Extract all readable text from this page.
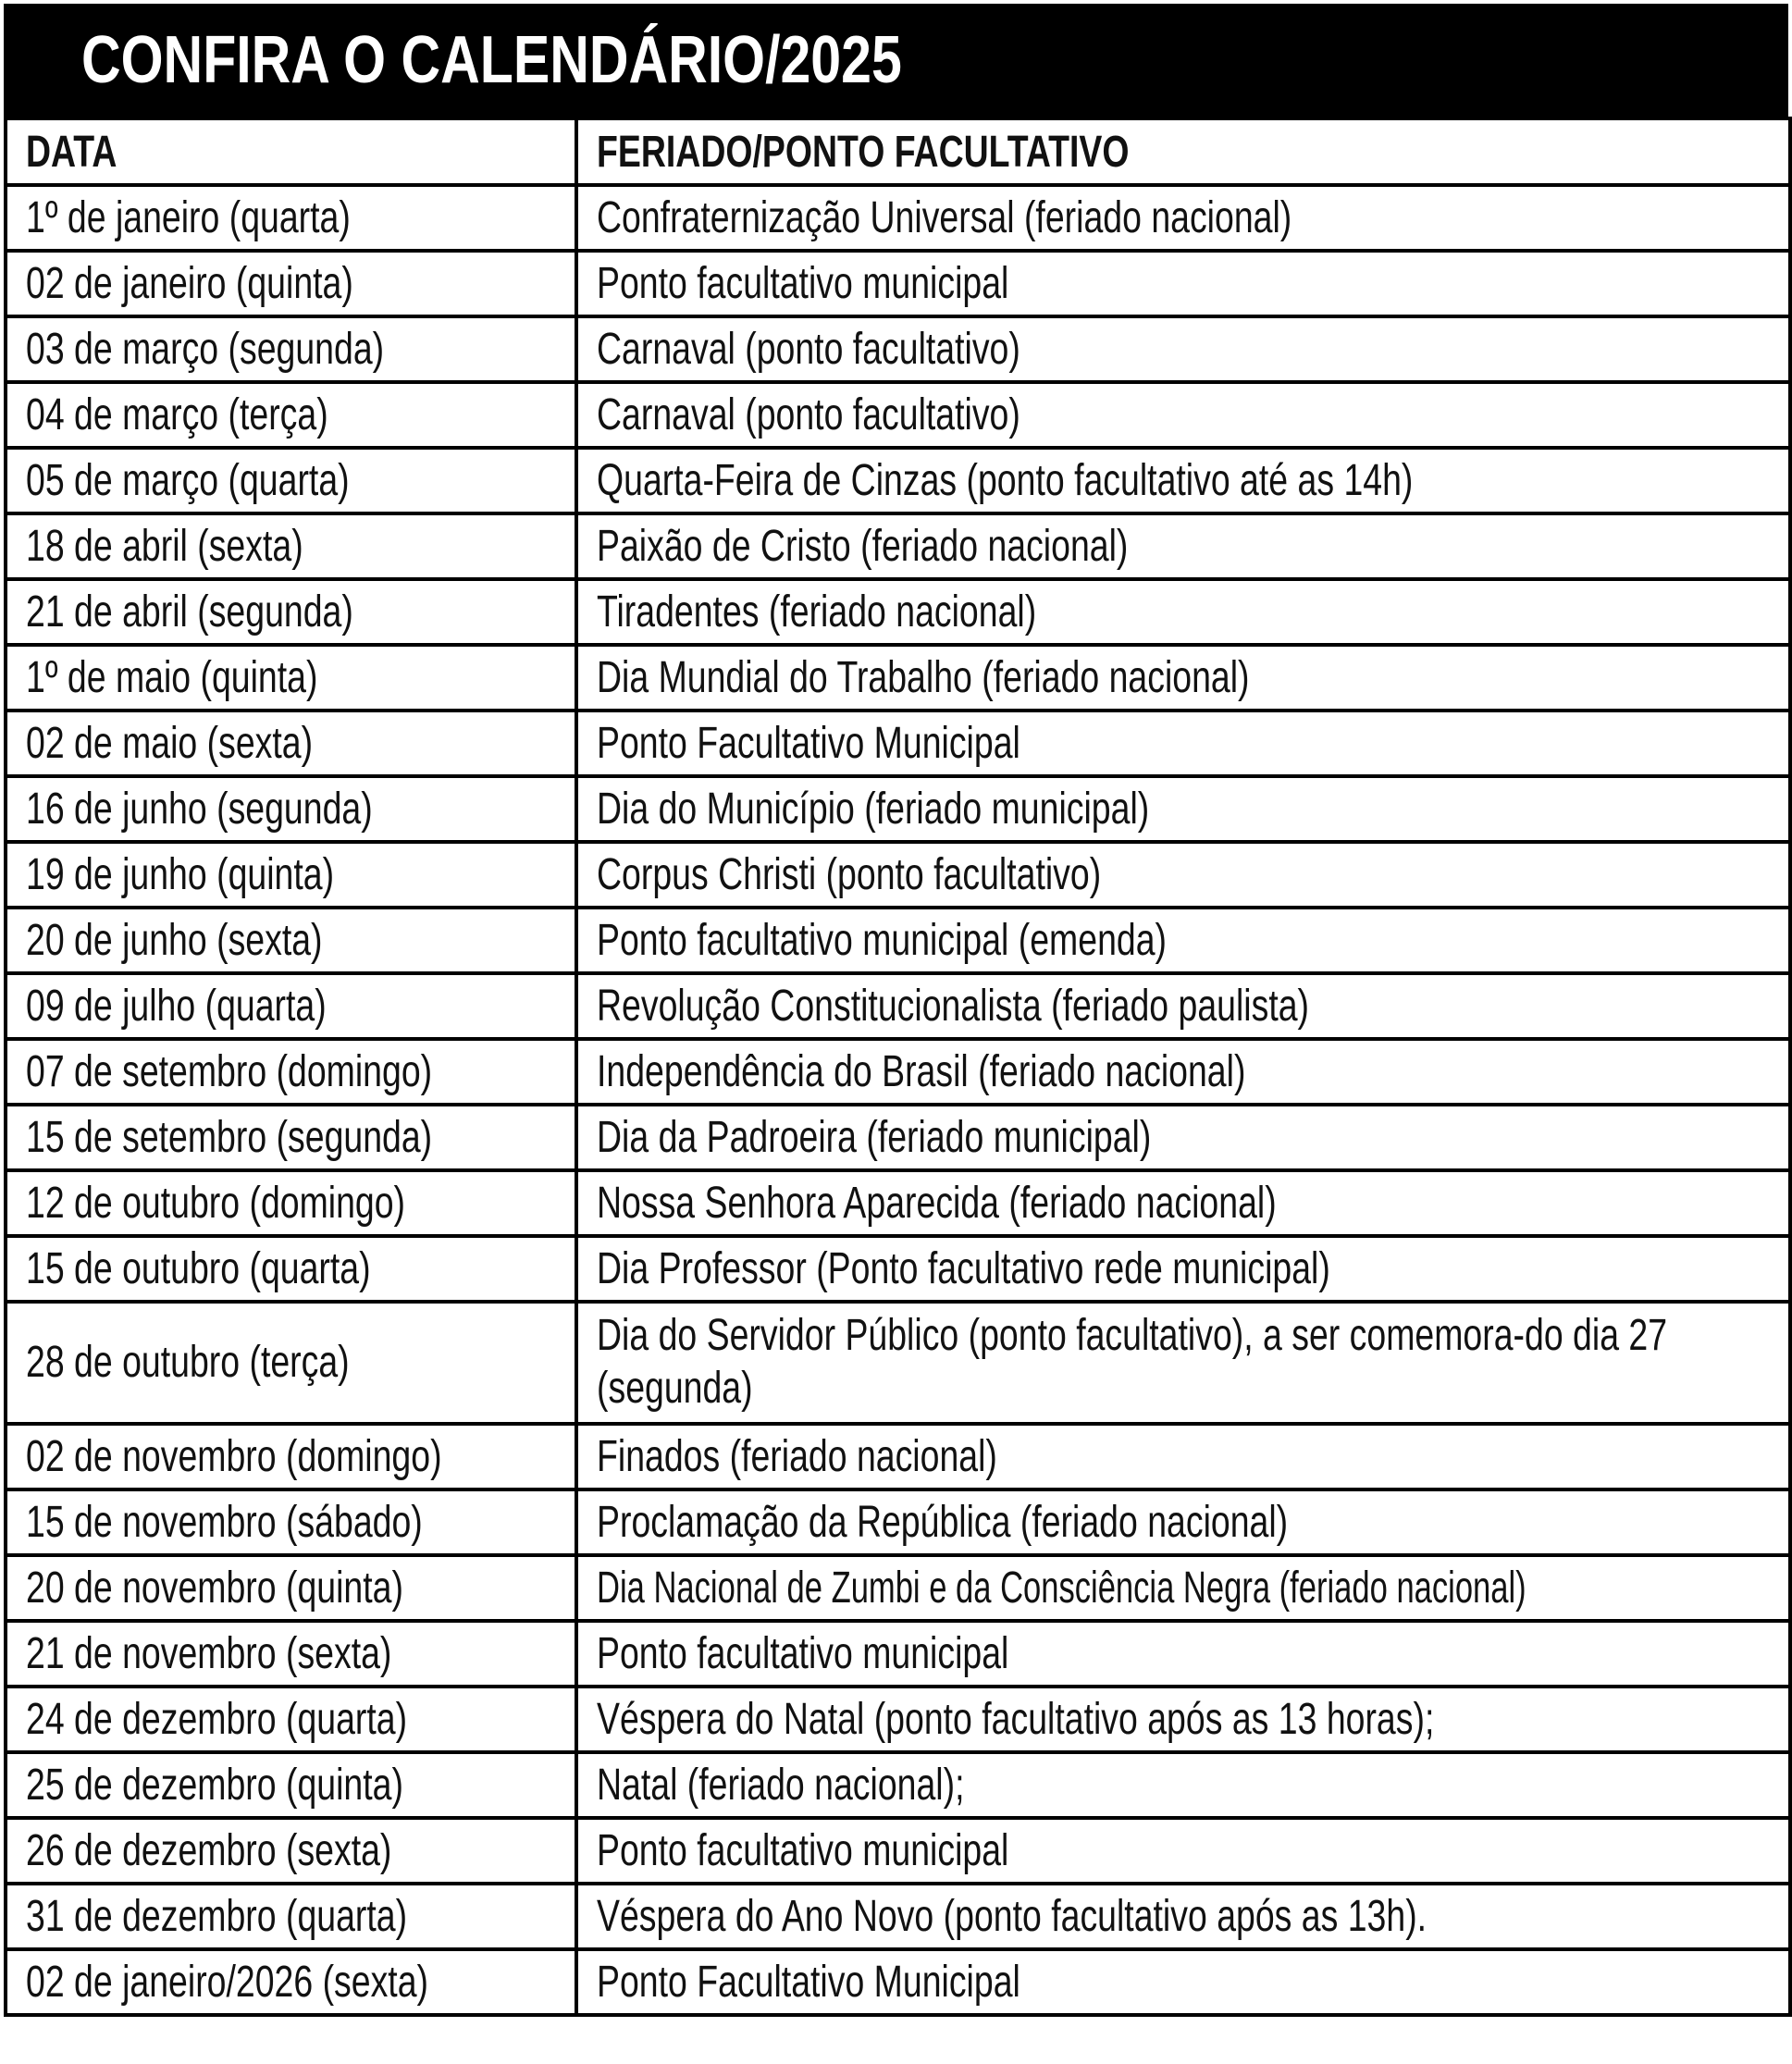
CONFIRA O CALENDÁRIO/2025
DATA	FERIADO/PONTO FACULTATIVO
1º de janeiro (quarta)	Confraternização Universal (feriado nacional)
02 de janeiro (quinta)	Ponto facultativo municipal
03 de março (segunda)	Carnaval (ponto facultativo)
04 de março (terça)	Carnaval (ponto facultativo)
05 de março (quarta)	Quarta-Feira de Cinzas (ponto facultativo até as 14h)
18 de abril (sexta)	Paixão de Cristo (feriado nacional)
21 de abril (segunda)	Tiradentes (feriado nacional)
1º de maio (quinta)	Dia Mundial do Trabalho (feriado nacional)
02 de maio (sexta)	Ponto Facultativo Municipal
16 de junho (segunda)	Dia do Município (feriado municipal)
19 de junho (quinta)	Corpus Christi (ponto facultativo)
20 de junho (sexta)	Ponto facultativo municipal (emenda)
09 de julho (quarta)	Revolução Constitucionalista (feriado paulista)
07 de setembro (domingo)	Independência do Brasil (feriado nacional)
15 de setembro (segunda)	Dia da Padroeira (feriado municipal)
12 de outubro (domingo)	Nossa Senhora Aparecida (feriado nacional)
15 de outubro (quarta)	Dia Professor (Ponto facultativo rede municipal)
28 de outubro (terça)	Dia do Servidor Público (ponto facultativo), a ser comemora-do dia 27 (segunda)
02 de novembro (domingo)	Finados (feriado nacional)
15 de novembro (sábado)	Proclamação da República (feriado nacional)
20 de novembro (quinta)	Dia Nacional de Zumbi e da Consciência Negra (feriado nacional)
21 de novembro (sexta)	Ponto facultativo municipal
24 de dezembro (quarta)	Véspera do Natal (ponto facultativo após as 13 horas);
25 de dezembro (quinta)	Natal (feriado nacional);
26 de dezembro (sexta)	Ponto facultativo municipal
31 de dezembro (quarta)	Véspera do Ano Novo (ponto facultativo após as 13h).
02 de janeiro/2026 (sexta)	Ponto Facultativo Municipal
